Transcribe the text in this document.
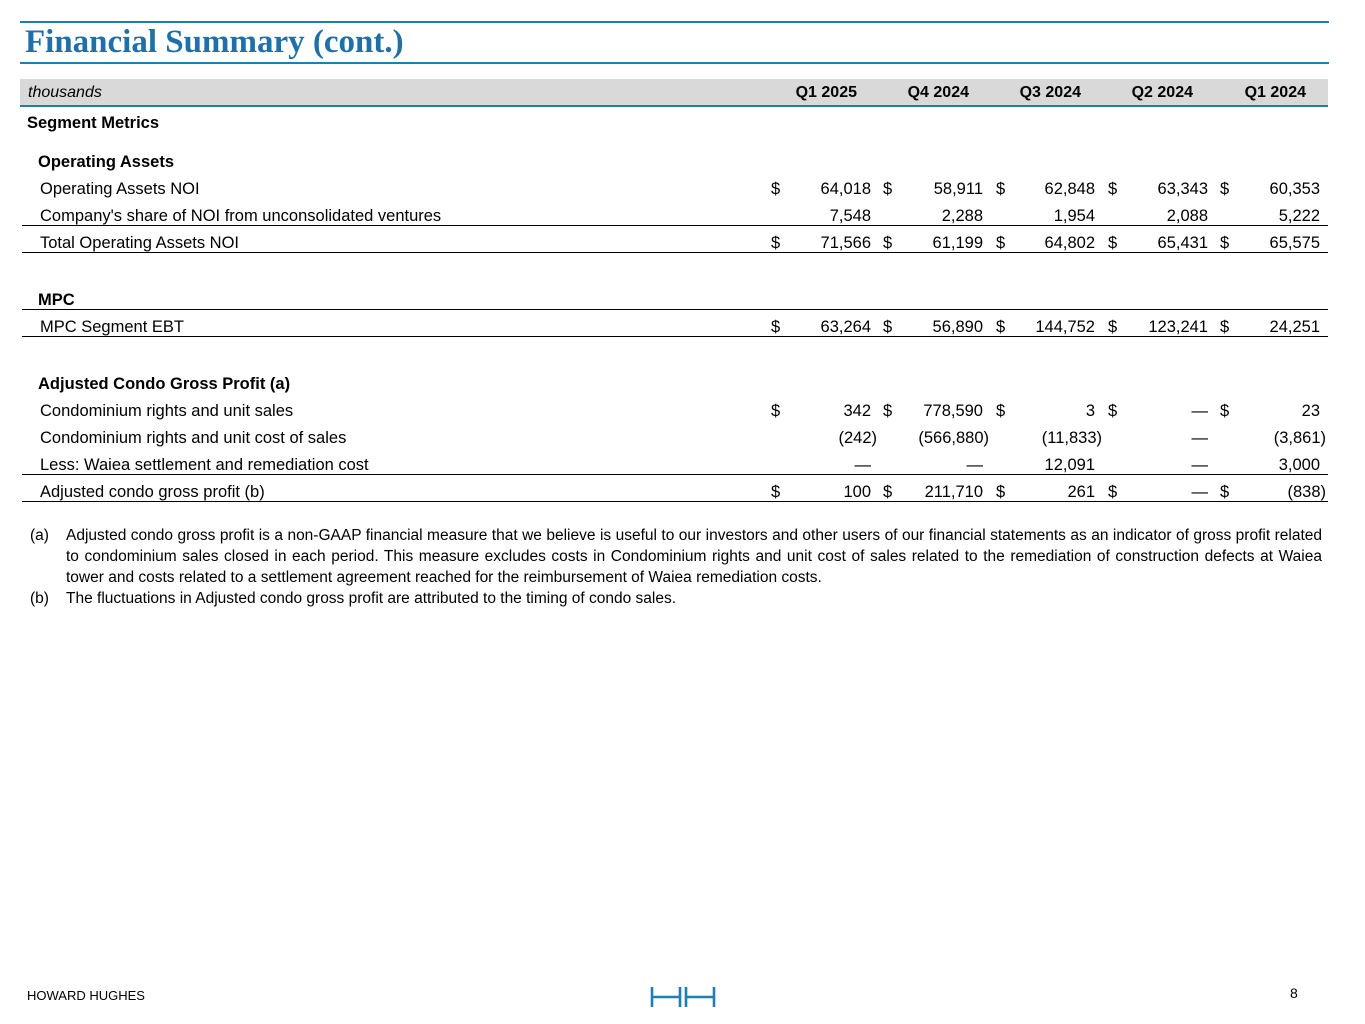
Financial Summary (cont.)
thousands	Q1 2025	Q4 2024	Q3 2024	Q2 2024	Q1 2024
Segment Metrics
Operating Assets
Operating Assets NOI	$	64,018 $	58,911 $	62,848 $	63,343 $	60,353
Company's share of NOI from unconsolidated ventures	7,548	2,288	1,954	2,088	5,222
Total Operating Assets NOI	$	71,566 $	61,199 $	64,802 $	65,431 $	65,575
MPC
MPC Segment EBT	$	63,264 $	56,890 $	144,752 $	123,241 $	24,251
Adjusted Condo Gross Profit (a)
Condominium rights and unit sales	$	342 $	778,590 $	3 $	— $	23
Condominium rights and unit cost of sales	(242)	(566,880)	(11,833)	—	(3,861)
Less: Waiea settlement and remediation cost	—	—	12,091	—	3,000
Adjusted condo gross profit (b)	$	100 $	211,710 $	261 $	— $	(838)
(a)	Adjusted condo gross profit is a non-GAAP financial measure that we believe is useful to our investors and other users of our financial statements as an indicator of gross profit related to condominium sales closed in each period. This measure excludes costs in Condominium rights and unit cost of sales related to the remediation of construction defects at Waiea tower and costs related to a settlement agreement reached for the reimbursement of Waiea remediation costs.
(b)	The fluctuations in Adjusted condo gross profit are attributed to the timing of condo sales.
HOWARD HUGHES	8
